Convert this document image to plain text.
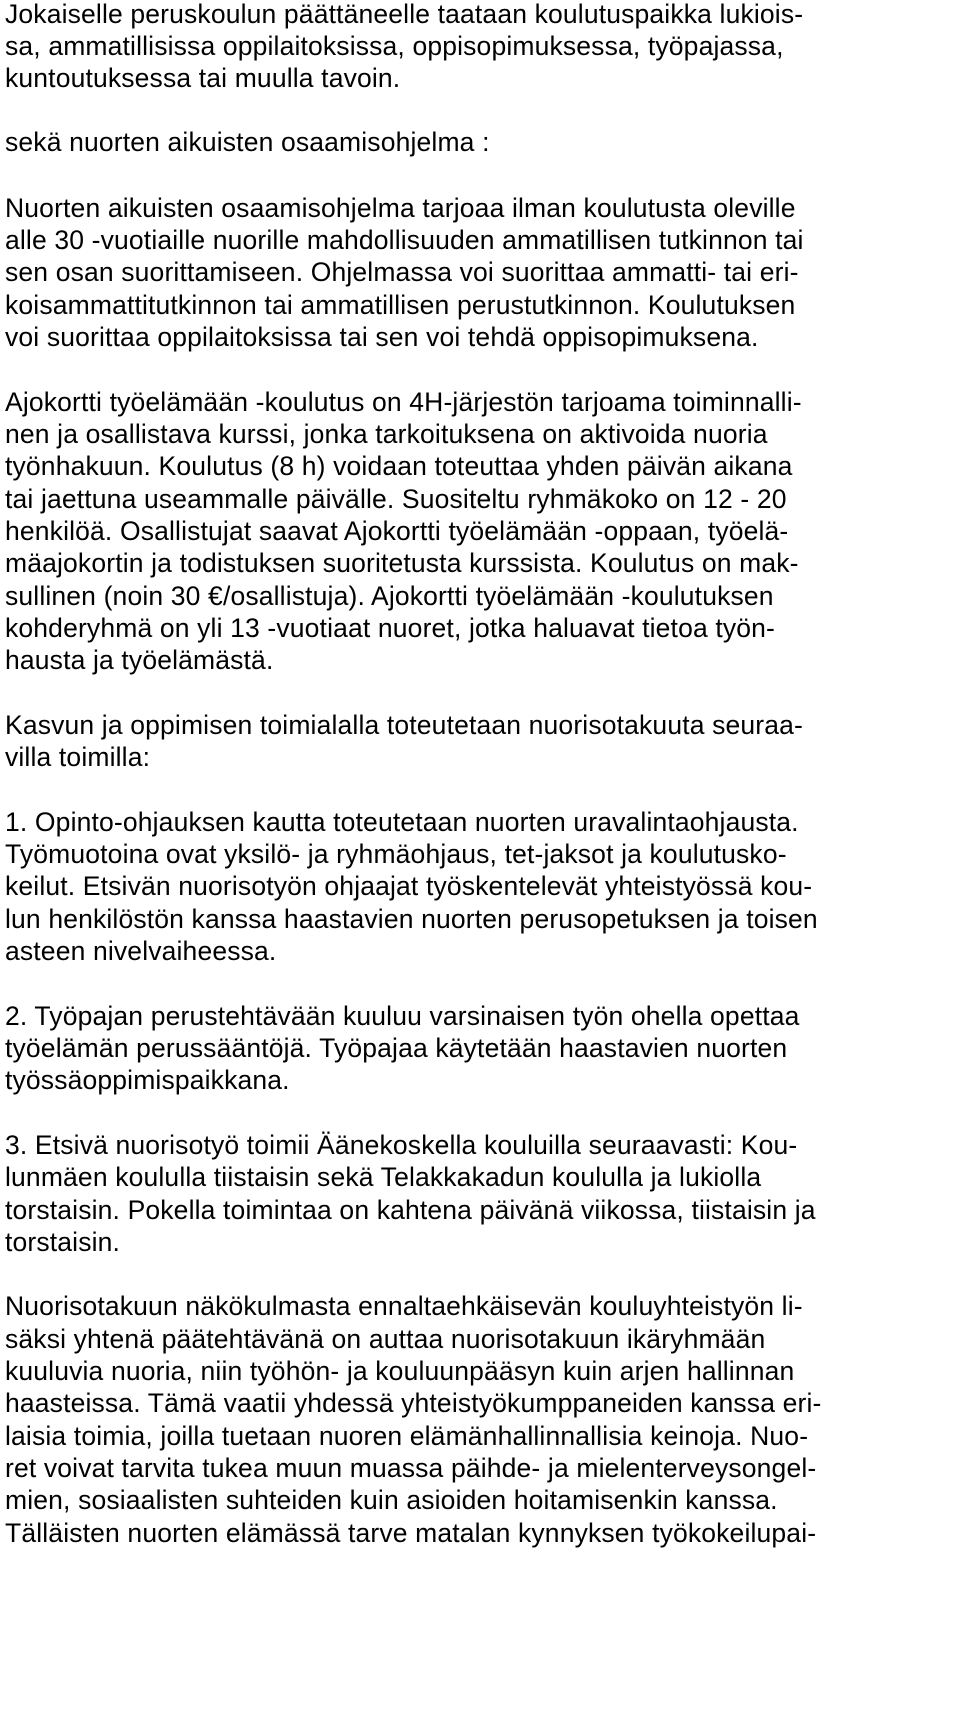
Jokaiselle peruskoulun päättäneelle taataan koulutuspaikka lukiois-
sa, ammatillisissa oppilaitoksissa, oppisopimuksessa, työpajassa,
kuntoutuksessa tai muulla tavoin.
sekä nuorten aikuisten osaamisohjelma :
Nuorten aikuisten osaamisohjelma tarjoaa ilman koulutusta oleville
alle 30 -vuotiaille nuorille mahdollisuuden ammatillisen tutkinnon tai
sen osan suorittamiseen. Ohjelmassa voi suorittaa ammatti- tai eri-
koisammattitutkinnon tai ammatillisen perustutkinnon. Koulutuksen
voi suorittaa oppilaitoksissa tai sen voi tehdä oppisopimuksena.
Ajokortti työelämään -koulutus on 4H-järjestön tarjoama toiminnalli-
nen ja osallistava kurssi, jonka tarkoituksena on aktivoida nuoria
työnhakuun. Koulutus (8 h) voidaan toteuttaa yhden päivän aikana
tai jaettuna useammalle päivälle. Suositeltu ryhmäkoko on 12 - 20
henkilöä. Osallistujat saavat Ajokortti työelämään -oppaan, työelä-
mäajokortin ja todistuksen suoritetusta kurssista. Koulutus on mak-
sullinen (noin 30 €/osallistuja). Ajokortti työelämään -koulutuksen
kohderyhmä on yli 13 -vuotiaat nuoret, jotka haluavat tietoa työn-
hausta ja työelämästä.
Kasvun ja oppimisen toimialalla toteutetaan nuorisotakuuta seuraa-
villa toimilla:
1. Opinto-ohjauksen kautta toteutetaan nuorten uravalintaohjausta.
Työmuotoina ovat yksilö- ja ryhmäohjaus, tet-jaksot ja koulutusko-
keilut. Etsivän nuorisotyön ohjaajat työskentelevät yhteistyössä kou-
lun henkilöstön kanssa haastavien nuorten perusopetuksen ja toisen
asteen nivelvaiheessa.
2. Työpajan perustehtävään kuuluu varsinaisen työn ohella opettaa
työelämän perussääntöjä. Työpajaa käytetään haastavien nuorten
työssäoppimispaikkana.
3. Etsivä nuorisotyö toimii Äänekoskella kouluilla seuraavasti: Kou-
lunmäen koululla tiistaisin sekä Telakkakadun koululla ja lukiolla
torstaisin. Pokella toimintaa on kahtena päivänä viikossa, tiistaisin ja
torstaisin.
Nuorisotakuun näkökulmasta ennaltaehkäisevän kouluyhteistyön li-
säksi yhtenä päätehtävänä on auttaa nuorisotakuun ikäryhmään
kuuluvia nuoria, niin työhön- ja kouluunpääsyn kuin arjen hallinnan
haasteissa. Tämä vaatii yhdessä yhteistyökumppaneiden kanssa eri-
laisia toimia, joilla tuetaan nuoren elämänhallinnallisia keinoja. Nuo-
ret voivat tarvita tukea muun muassa päihde- ja mielenterveysongel-
mien, sosiaalisten suhteiden kuin asioiden hoitamisenkin kanssa.
Tälläisten nuorten elämässä tarve matalan kynnyksen työkokeilupai-
